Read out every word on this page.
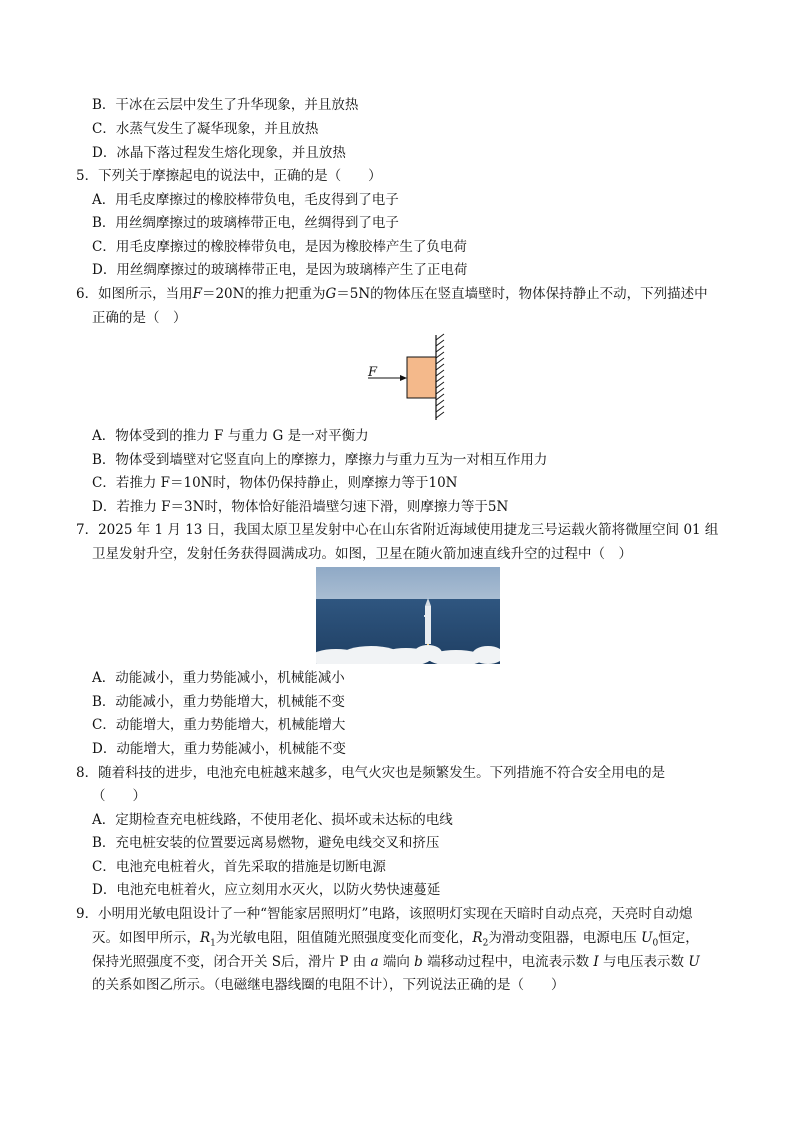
B．干冰在云层中发生了升华现象，并且放热
C．水蒸气发生了凝华现象，并且放热
D．冰晶下落过程发生熔化现象，并且放热
5．下列关于摩擦起电的说法中，正确的是（　　）
A．用毛皮摩擦过的橡胶棒带负电，毛皮得到了电子
B．用丝绸摩擦过的玻璃棒带正电，丝绸得到了电子
C．用毛皮摩擦过的橡胶棒带负电，是因为橡胶棒产生了负电荷
D．用丝绸摩擦过的玻璃棒带正电，是因为玻璃棒产生了正电荷
6．如图所示，当用F＝20N的推力把重为G＝5N的物体压在竖直墙壁时，物体保持静止不动，下列描述中
正确的是（　）
F
A．物体受到的推力 F 与重力 G 是一对平衡力
B．物体受到墙壁对它竖直向上的摩擦力，摩擦力与重力互为一对相互作用力
C．若推力 F＝10N时，物体仍保持静止，则摩擦力等于10N
D．若推力 F＝3N时，物体恰好能沿墙壁匀速下滑，则摩擦力等于5N
7．2025 年 1 月 13 日，我国太原卫星发射中心在山东省附近海域使用捷龙三号运载火箭将微厘空间 01 组
卫星发射升空，发射任务获得圆满成功。如图，卫星在随火箭加速直线升空的过程中（　）
A．动能减小，重力势能减小，机械能减小
B．动能减小，重力势能增大，机械能不变
C．动能增大，重力势能增大，机械能增大
D．动能增大，重力势能减小，机械能不变
8．随着科技的进步，电池充电桩越来越多，电气火灾也是频繁发生。下列措施不符合安全用电的是
（　　）
A．定期检查充电桩线路，不使用老化、损坏或未达标的电线
B．充电桩安装的位置要远离易燃物，避免电线交叉和挤压
C．电池充电桩着火，首先采取的措施是切断电源
D．电池充电桩着火，应立刻用水灭火，以防火势快速蔓延
9．小明用光敏电阻设计了一种“智能家居照明灯”电路，该照明灯实现在天暗时自动点亮，天亮时自动熄
灭。如图甲所示，$R_1$为光敏电阻，阻值随光照强度变化而变化，$R_2$为滑动变阻器，电源电压 $U_0$恒定，
保持光照强度不变，闭合开关 S后，滑片 P 由 a 端向 b 端移动过程中，电流表示数 I 与电压表示数 U
的关系如图乙所示。（电磁继电器线圈的电阻不计），下列说法正确的是（　　）
